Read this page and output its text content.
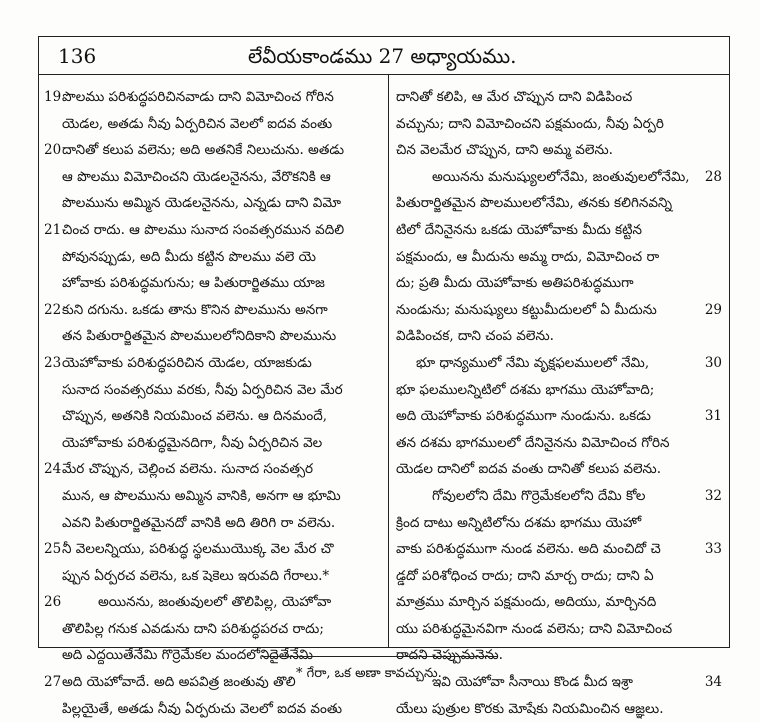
136	లేవీయకాండము 27 అధ్యాయము.
19పొలము పరిశుద్ధపరిచినవాడు దాని విమోచించ గోరిన
యెడల, అతడు నీవు ఏర్పరిచిన వెలలో ఐదవ వంతు
20దానితో కలుప వలెను; అది అతనికే నిలుచును. అతడు
ఆ పొలము విమోచించని యెడలనైనను, వేరొకనికి ఆ
పొలమును అమ్మిన యెడలనైనను, ఎన్నడు దాని విమో
21చించ రాదు. ఆ పొలము సునాద సంవత్సరమున వదిలి
పోవునప్పుడు, అది మీదు కట్టిన పొలము వలె యె
హోవాకు పరిశుద్ధమగును; ఆ పితురార్జితము యాజ
22కుని దగును. ఒకడు తాను కొనిన పొలమును అనగా
తన పితురార్జితమైన పొలములలోనిదికాని పొలమును
23యెహోవాకు పరిశుద్ధపరిచిన యెడల, యాజకుడు
సునాద సంవత్సరము వరకు, నీవు ఏర్పరిచిన వెల మేర
చొప్పున, అతనికి నియమించ వలెను. ఆ దినమందే,
యెహోవాకు పరిశుద్ధమైనదిగా, నీవు ఏర్పరిచిన వెల
24మేర చొప్పున, చెల్లించ వలెను. సునాద సంవత్సర
మున, ఆ పొలమును అమ్మిన వానికి, అనగా ఆ భూమి
ఎవని పితురార్జితమైనదో వానికి అది తిరిగి రా వలెను.
25నీ వెలలన్నియు, పరిశుద్ధ స్థలముయొక్క వెల మేర చొ
ప్పున ఏర్పరచ వలెను, ఒక షెకెలు ఇరువది గేరాలు.*
26	అయినను, జంతువులలో తొలిపిల్ల, యెహోవా
తొలిపిల్ల గనుక ఎవడును దాని పరిశుద్ధపరచ రాదు;
అది ఎద్దయితేనేమి గొర్రెమేకల మందలోనిదైతేనేమి
27అది యెహోవాదే. అది అపవిత్ర జంతువు తొలి
పిల్లయైతే, అతడు నీవు ఏర్పరుచు వెలలో ఐదవ వంతు
దానితో కలిపి, ఆ మేర చొప్పున దాని విడిపించ
వచ్చును; దాని విమోచించని పక్షమందు, నీవు ఏర్పరి
చిన వెలమేర చొప్పున, దాని అమ్మ వలెను.
అయినను మనుష్యులలోనేమి, జంతువులలోనేమి, 28
పితురార్జితమైన పొలములలోనేమి, తనకు కలిగినవన్ని
టిలో దేనినైనను ఒకడు యెహోవాకు మీదు కట్టిన
పక్షమందు, ఆ మీదును అమ్మ రాదు, విమోచించ రా
దు; ప్రతి మీదు యెహోవాకు అతిపరిశుద్ధముగా
నుండును; మనుష్యులు కట్టుమీదులలో ఏ మీదును	29
విడిపించక, దాని చంప వలెను.
భూ ధాన్యములో నేమి వృక్షఫలములలో నేమి,	30
భూ ఫలములన్నిటిలో దశమ భాగము యెహోవాది;
అది యెహోవాకు పరిశుద్ధముగా నుండును. ఒకడు	31
తన దశమ భాగములలో దేనినైనను విమోచించ గోరిన
యెడల దానిలో ఐదవ వంతు దానితో కలుప వలెను.
గోవులలోని దేమి గొర్రెమేకలలోని దేమి కోల	32
క్రింద దాటు అన్నిటిలోను దశమ భాగము యెహో
వాకు పరిశుద్ధముగా నుండ వలెను. అది మంచిదో చె	33
డ్డదో పరిశోధించ రాదు; దాని మార్చ రాదు; దాని ఏ
మాత్రము మార్చిన పక్షమందు, అదియు, మార్చినది
యు పరిశుద్ధమైనవిగా నుండ వలెను; దాని విమోచించ
రాదని చెప్పుమనెను.
ఇవి యెహోవా సీనాయి కొండ మీద ఇశ్రా	34
యేలు పుత్రుల కొరకు మోషేకు నియమించిన ఆజ్ఞలు.
* గేరా, ఒక అణా కావచ్చును.
